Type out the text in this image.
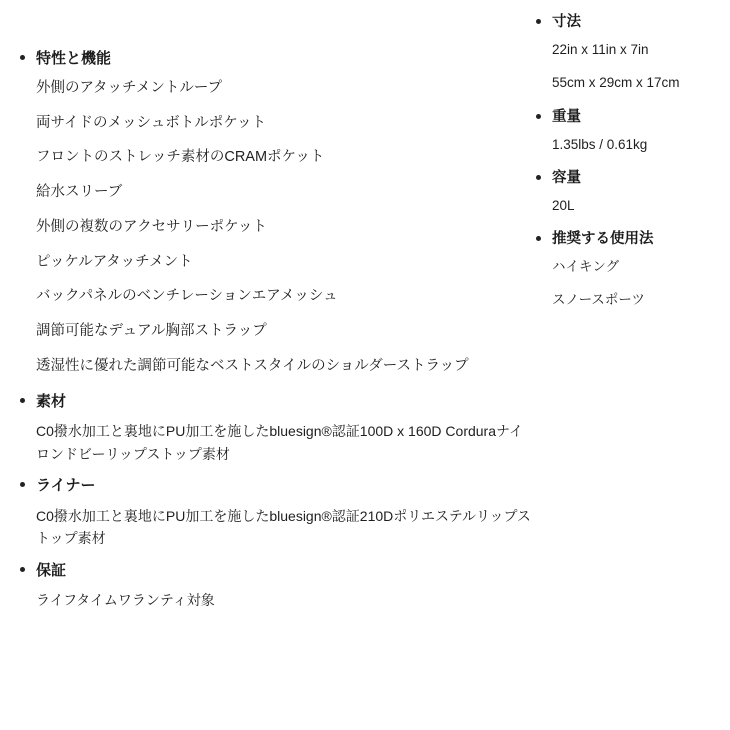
特性と機能
外側のアタッチメントループ
両サイドのメッシュボトルポケット
フロントのストレッチ素材のCRAMポケット
給水スリーブ
外側の複数のアクセサリーポケット
ピッケルアタッチメント
バックパネルのベンチレーションエアメッシュ
調節可能なデュアル胸部ストラップ
透湿性に優れた調節可能なベストスタイルのショルダーストラップ
素材
C0撥水加工と裏地にPU加工を施したbluesign®認証100D x 160D Corduraナイロンドビーリップストップ素材
ライナー
C0撥水加工と裏地にPU加工を施したbluesign®認証210Dポリエステルリップストップ素材
保証
ライフタイムワランティ対象
寸法
22in x 11in x 7in
55cm x 29cm x 17cm
重量
1.35lbs / 0.61kg
容量
20L
推奨する使用法
ハイキング
スノースポーツ
